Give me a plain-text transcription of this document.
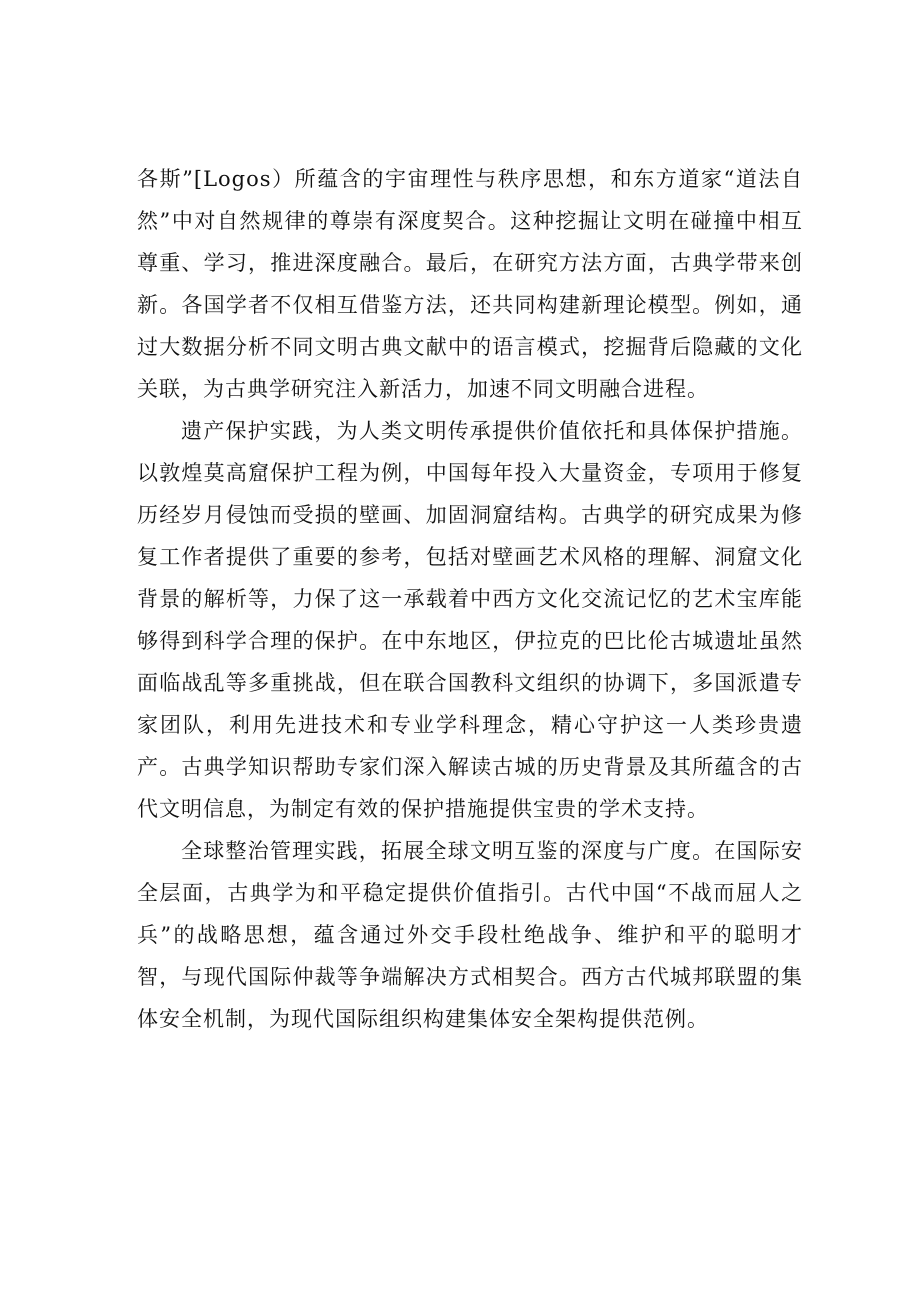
各斯”[Logos）所蕴含的宇宙理性与秩序思想，和东方道家“道法自然”中对自然规律的尊崇有深度契合。这种挖掘让文明在碰撞中相互尊重、学习，推进深度融合。最后，在研究方法方面，古典学带来创新。各国学者不仅相互借鉴方法，还共同构建新理论模型。例如，通过大数据分析不同文明古典文献中的语言模式，挖掘背后隐藏的文化关联，为古典学研究注入新活力，加速不同文明融合进程。

遗产保护实践，为人类文明传承提供价值依托和具体保护措施。以敦煌莫高窟保护工程为例，中国每年投入大量资金，专项用于修复历经岁月侵蚀而受损的壁画、加固洞窟结构。古典学的研究成果为修复工作者提供了重要的参考，包括对壁画艺术风格的理解、洞窟文化背景的解析等，力保了这一承载着中西方文化交流记忆的艺术宝库能够得到科学合理的保护。在中东地区，伊拉克的巴比伦古城遗址虽然面临战乱等多重挑战，但在联合国教科文组织的协调下，多国派遣专家团队，利用先进技术和专业学科理念，精心守护这一人类珍贵遗产。古典学知识帮助专家们深入解读古城的历史背景及其所蕴含的古代文明信息，为制定有效的保护措施提供宝贵的学术支持。

全球整治管理实践，拓展全球文明互鉴的深度与广度。在国际安全层面，古典学为和平稳定提供价值指引。古代中国“不战而屈人之兵”的战略思想，蕴含通过外交手段杜绝战争、维护和平的聪明才智，与现代国际仲裁等争端解决方式相契合。西方古代城邦联盟的集体安全机制，为现代国际组织构建集体安全架构提供范例。
